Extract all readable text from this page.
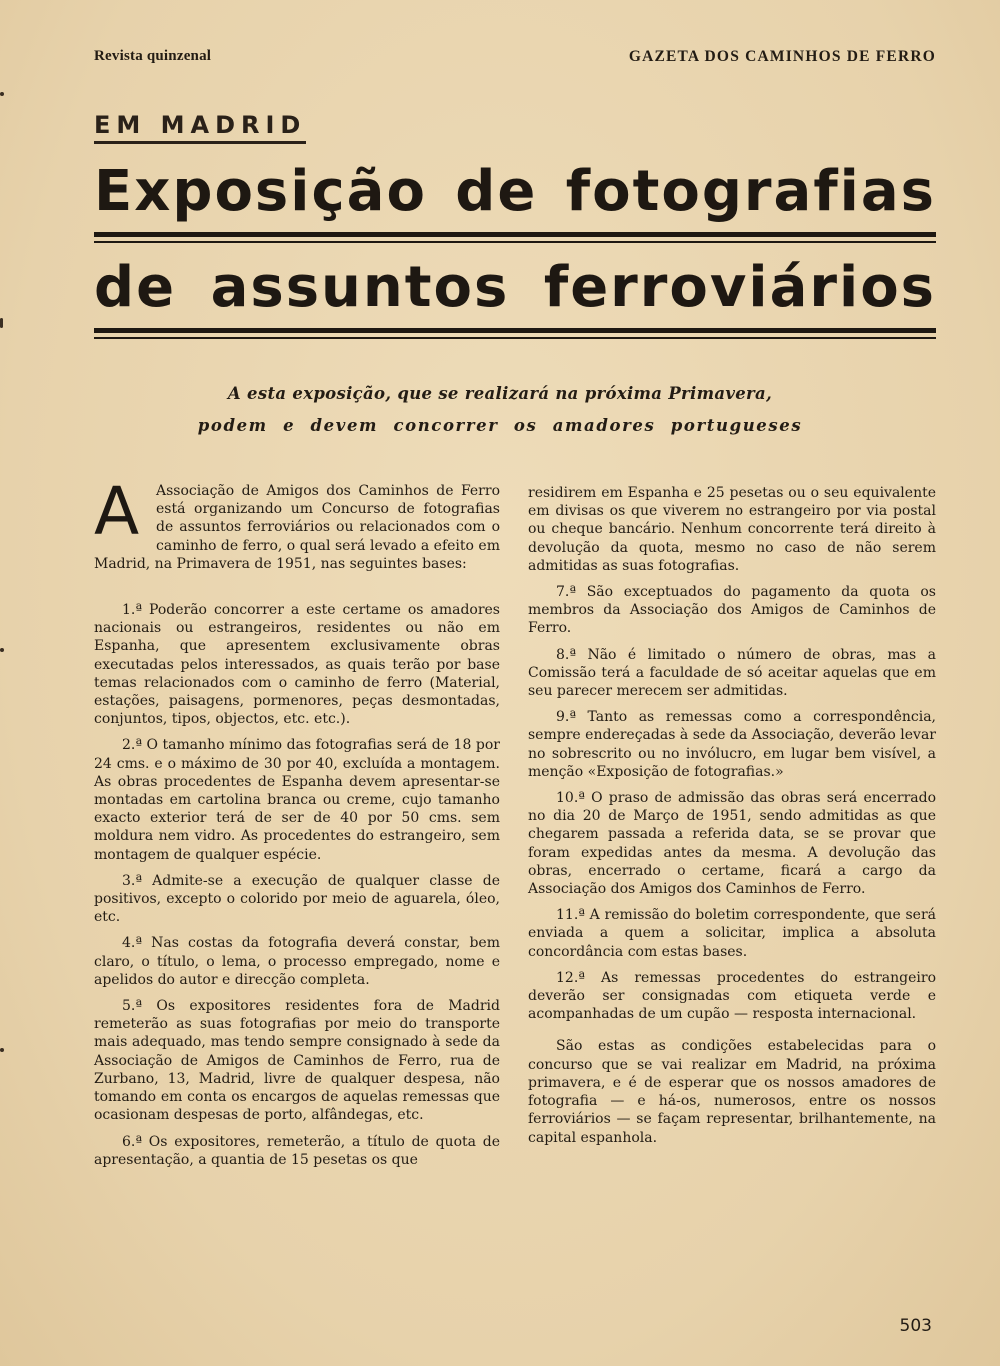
Revista quinzenal	GAZETA DOS CAMINHOS DE FERRO
EM MADRID
Exposição de fotografias
de assuntos ferroviários
A esta exposição, que se realizará na próxima Primavera,
podem e devem concorrer os amadores portugueses
A	Associação de Amigos dos Caminhos de Ferro está organizando um Concurso de fotografias de assuntos ferroviários ou relacionados com o caminho de ferro, o qual será levado a efeito em Madrid, na Primavera de 1951, nas seguintes bases:

1.ª Poderão concorrer a este certame os amadores nacionais ou estrangeiros, residentes ou não em Espanha, que apresentem exclusivamente obras executadas pelos interessados, as quais terão por base temas relacionados com o caminho de ferro (Material, estações, paisagens, pormenores, peças desmontadas, conjuntos, tipos, objectos, etc. etc.).

2.ª O tamanho mínimo das fotografias será de 18 por 24 cms. e o máximo de 30 por 40, excluída a montagem. As obras procedentes de Espanha devem apresentar-se montadas em cartolina branca ou creme, cujo tamanho exacto exterior terá de ser de 40 por 50 cms. sem moldura nem vidro. As procedentes do estrangeiro, sem montagem de qualquer espécie.

3.ª Admite-se a execução de qualquer classe de positivos, excepto o colorido por meio de aguarela, óleo, etc.

4.ª Nas costas da fotografia deverá constar, bem claro, o título, o lema, o processo empregado, nome e apelidos do autor e direcção completa.

5.ª Os expositores residentes fora de Madrid remeterão as suas fotografias por meio do transporte mais adequado, mas tendo sempre consignado à sede da Associação de Amigos de Caminhos de Ferro, rua de Zurbano, 13, Madrid, livre de qualquer despesa, não tomando em conta os encargos de aquelas remessas que ocasionam despesas de porto, alfândegas, etc.

6.ª Os expositores, remeterão, a título de quota de apresentação, a quantia de 15 pesetas os que

residirem em Espanha e 25 pesetas ou o seu equivalente em divisas os que viverem no estrangeiro por via postal ou cheque bancário. Nenhum concorrente terá direito à devolução da quota, mesmo no caso de não serem admitidas as suas fotografias.

7.ª São exceptuados do pagamento da quota os membros da Associação dos Amigos de Caminhos de Ferro.

8.ª Não é limitado o número de obras, mas a Comissão terá a faculdade de só aceitar aquelas que em seu parecer merecem ser admitidas.

9.ª Tanto as remessas como a correspondência, sempre endereçadas à sede da Associação, deverão levar no sobrescrito ou no invólucro, em lugar bem visível, a menção «Exposição de fotografias.»

10.ª O praso de admissão das obras será encerrado no dia 20 de Março de 1951, sendo admitidas as que chegarem passada a referida data, se se provar que foram expedidas antes da mesma. A devolução das obras, encerrado o certame, ficará a cargo da Associação dos Amigos dos Caminhos de Ferro.

11.ª A remissão do boletim correspondente, que será enviada a quem a solicitar, implica a absoluta concordância com estas bases.

12.ª As remessas procedentes do estrangeiro deverão ser consignadas com etiqueta verde e acompanhadas de um cupão — resposta internacional.

São estas as condições estabelecidas para o concurso que se vai realizar em Madrid, na próxima primavera, e é de esperar que os nossos amadores de fotografia — e há-os, numerosos, entre os nossos ferroviários — se façam representar, brilhantemente, na capital espanhola.

503
